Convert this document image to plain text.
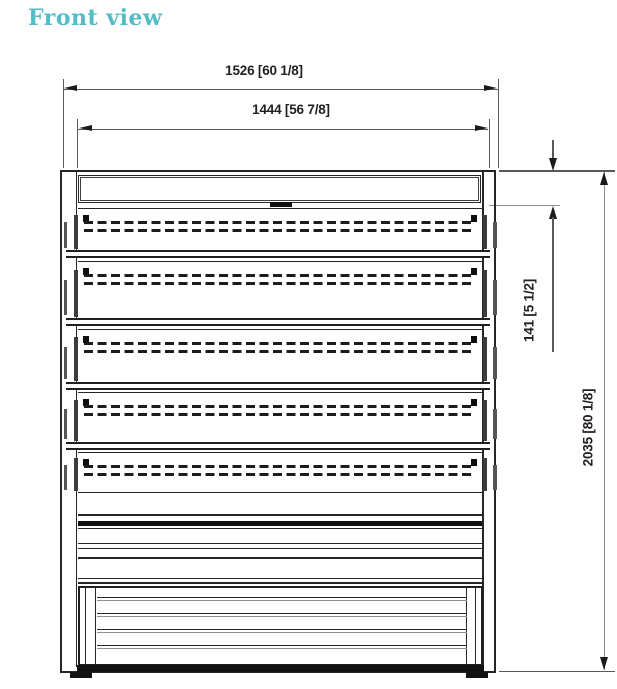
Front view
1526 [60 1/8]
1444 [56 7/8]
141 [5 1/2]
2035 [80 1/8]
